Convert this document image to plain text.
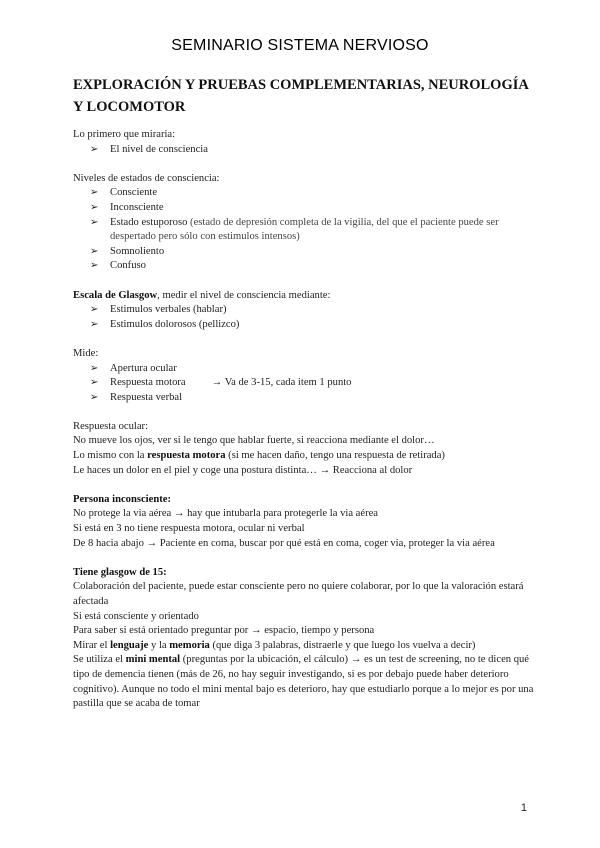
SEMINARIO SISTEMA NERVIOSO
EXPLORACIÓN Y PRUEBAS COMPLEMENTARIAS, NEUROLOGÍA Y LOCOMOTOR

Lo primero que miraria:

➢ El nivel de consciencia

Niveles de estados de consciencia:

➢ Consciente
➢ Inconsciente
➢ Estado estuporoso (estado de depresión completa de la vigilia, del que el paciente puede ser despertado pero sólo con estimulos intensos)
➢ Somnoliento
➢ Confuso

Escala de Glasgow, medir el nivel de consciencia mediante:

➢ Estimulos verbales (hablar)
➢ Estimulos dolorosos (pellizco)

Mide:

➢ Apertura ocular
➢ Respuesta motora → Va de 3-15, cada item 1 punto
➢ Respuesta verbal

Respuesta ocular:

No mueve los ojos, ver si le tengo que hablar fuerte, si reacciona mediante el dolor…

Lo mismo con la respuesta motora (si me hacen daño, tengo una respuesta de retirada)

Le haces un dolor en el piel y coge una postura distinta… → Reacciona al dolor

Persona inconsciente:

No protege la via aérea → hay que intubarla para protegerle la via aérea

Si está en 3 no tiene respuesta motora, ocular ni verbal

De 8 hacia abajo → Paciente en coma, buscar por qué está en coma, coger via, proteger la via aérea

Tiene glasgow de 15:

Colaboración del paciente, puede estar consciente pero no quiere colaborar, por lo que la valoración estará afectada

Si está consciente y orientado

Para saber si está orientado preguntar por → espacio, tiempo y persona

Mirar el lenguaje y la memoria (que diga 3 palabras, distraerle y que luego los vuelva a decir)

Se utiliza el mini mental (preguntas por la ubicación, el cálculo) → es un test de screening, no te dicen qué tipo de demencia tienen (más de 26, no hay seguir investigando, si es por debajo puede haber deterioro cognitivo). Aunque no todo el mini mental bajo es deterioro, hay que estudiarlo porque a lo mejor es por una pastilla que se acaba de tomar

1
